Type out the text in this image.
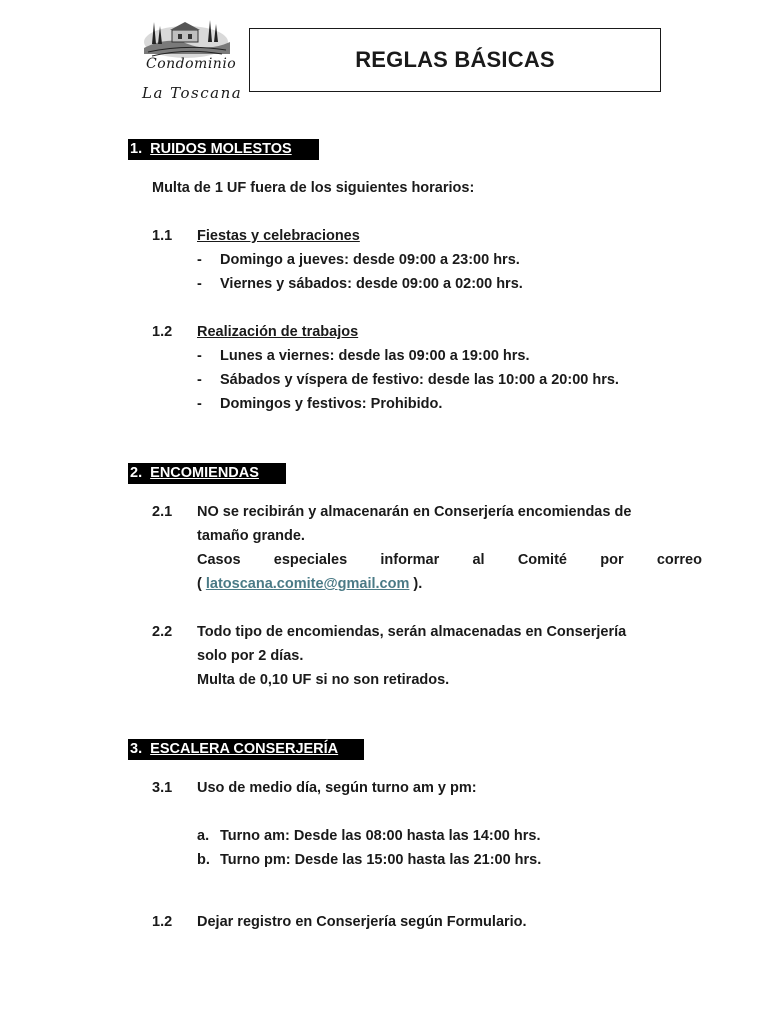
Condominio
La Toscana
REGLAS BÁSICAS
1. RUIDOS MOLESTOS
Multa de 1 UF fuera de los siguientes horarios:
1.1 Fiestas y celebraciones
- Domingo a jueves: desde 09:00 a 23:00 hrs.
- Viernes y sábados: desde 09:00 a 02:00 hrs.
1.2 Realización de trabajos
- Lunes a viernes: desde las 09:00 a 19:00 hrs.
- Sábados y víspera de festivo: desde las 10:00 a 20:00 hrs.
- Domingos y festivos: Prohibido.
2. ENCOMIENDAS
2.1 NO se recibirán y almacenarán en Conserjería encomiendas de
tamaño grande.
Casos especiales informar al Comité por correo
( latoscana.comite@gmail.com ).
2.2 Todo tipo de encomiendas, serán almacenadas en Conserjería
solo por 2 días.
Multa de 0,10 UF si no son retirados.
3. ESCALERA CONSERJERÍA
3.1 Uso de medio día, según turno am y pm:
a. Turno am: Desde las 08:00 hasta las 14:00 hrs.
b. Turno pm: Desde las 15:00 hasta las 21:00 hrs.
1.2 Dejar registro en Conserjería según Formulario.
